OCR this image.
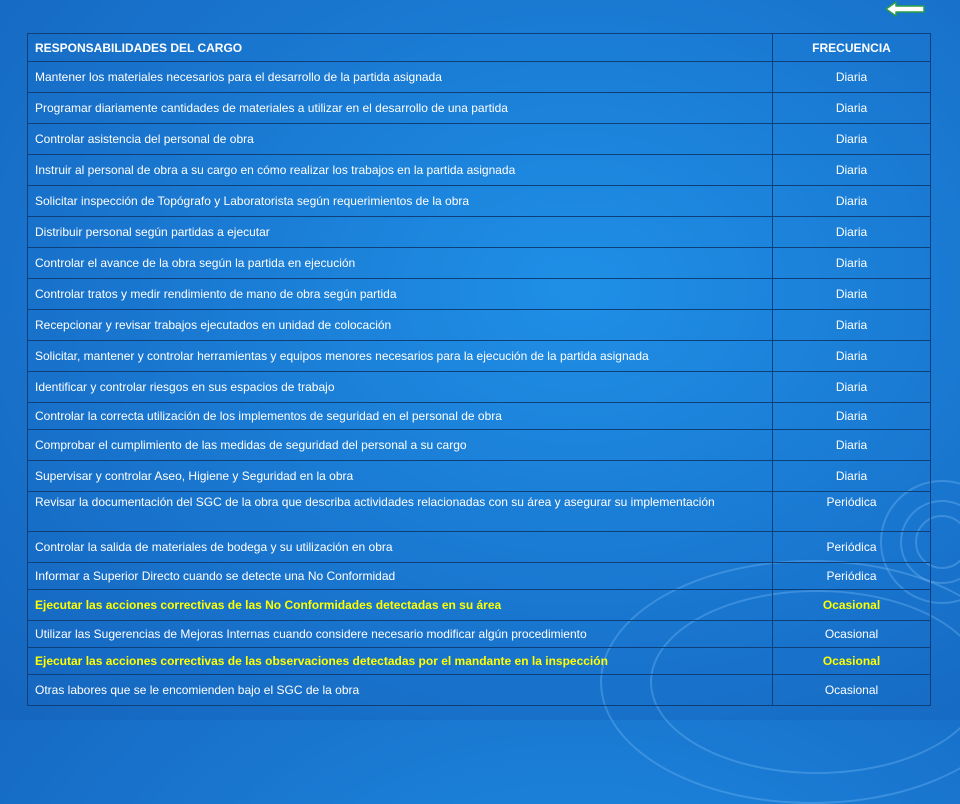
RESPONSABILIDADES DEL CARGO	FRECUENCIA
Mantener los materiales necesarios para el desarrollo de la partida asignada	Diaria
Programar diariamente cantidades de materiales a utilizar en el desarrollo de una partida	Diaria
Controlar asistencia del personal de obra	Diaria
Instruir al personal de obra a su cargo en cómo realizar los trabajos en la partida asignada	Diaria
Solicitar inspección de Topógrafo y Laboratorista según requerimientos de la obra	Diaria
Distribuir personal según partidas a ejecutar	Diaria
Controlar el avance de la obra según la partida en ejecución	Diaria
Controlar tratos y medir rendimiento de mano de obra según partida	Diaria
Recepcionar y revisar trabajos ejecutados en unidad de colocación	Diaria
Solicitar, mantener y controlar herramientas y equipos menores necesarios para la ejecución de la partida asignada	Diaria
Identificar y controlar riesgos en sus espacios de trabajo	Diaria
Controlar la correcta utilización de los implementos de seguridad en el personal de obra	Diaria
Comprobar el cumplimiento de las medidas de seguridad del personal a su cargo	Diaria
Supervisar y controlar Aseo, Higiene y Seguridad en la obra	Diaria
Revisar la documentación del SGC de la obra que describa actividades relacionadas con su área y asegurar su implementación	Periódica
Controlar la salida de materiales de bodega y su utilización en obra	Periódica
Informar a Superior Directo cuando se detecte una No Conformidad	Periódica
Ejecutar las acciones correctivas de las No Conformidades detectadas en su área	Ocasional
Utilizar las Sugerencias de Mejoras Internas cuando considere necesario modificar algún procedimiento	Ocasional
Ejecutar las acciones correctivas de las observaciones detectadas por el mandante en la inspección	Ocasional
Otras labores que se le encomienden bajo el SGC de la obra	Ocasional
